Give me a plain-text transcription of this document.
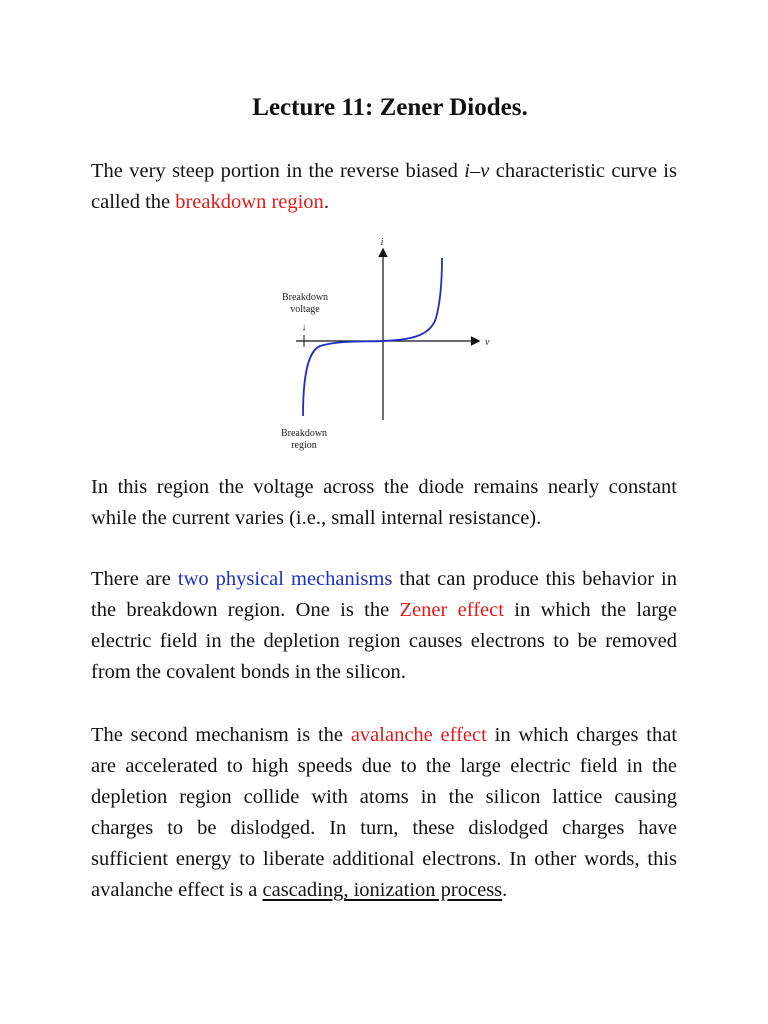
Lecture 11: Zener Diodes.

The very steep portion in the reverse biased i–v characteristic curve is called the breakdown region.

i
v
Breakdown
voltage
↓
Breakdown
region

In this region the voltage across the diode remains nearly constant while the current varies (i.e., small internal resistance).

There are two physical mechanisms that can produce this behavior in the breakdown region. One is the Zener effect in which the large electric field in the depletion region causes electrons to be removed from the covalent bonds in the silicon.

The second mechanism is the avalanche effect in which charges that are accelerated to high speeds due to the large electric field in the depletion region collide with atoms in the silicon lattice causing charges to be dislodged. In turn, these dislodged charges have sufficient energy to liberate additional electrons. In other words, this avalanche effect is a cascading, ionization process.
